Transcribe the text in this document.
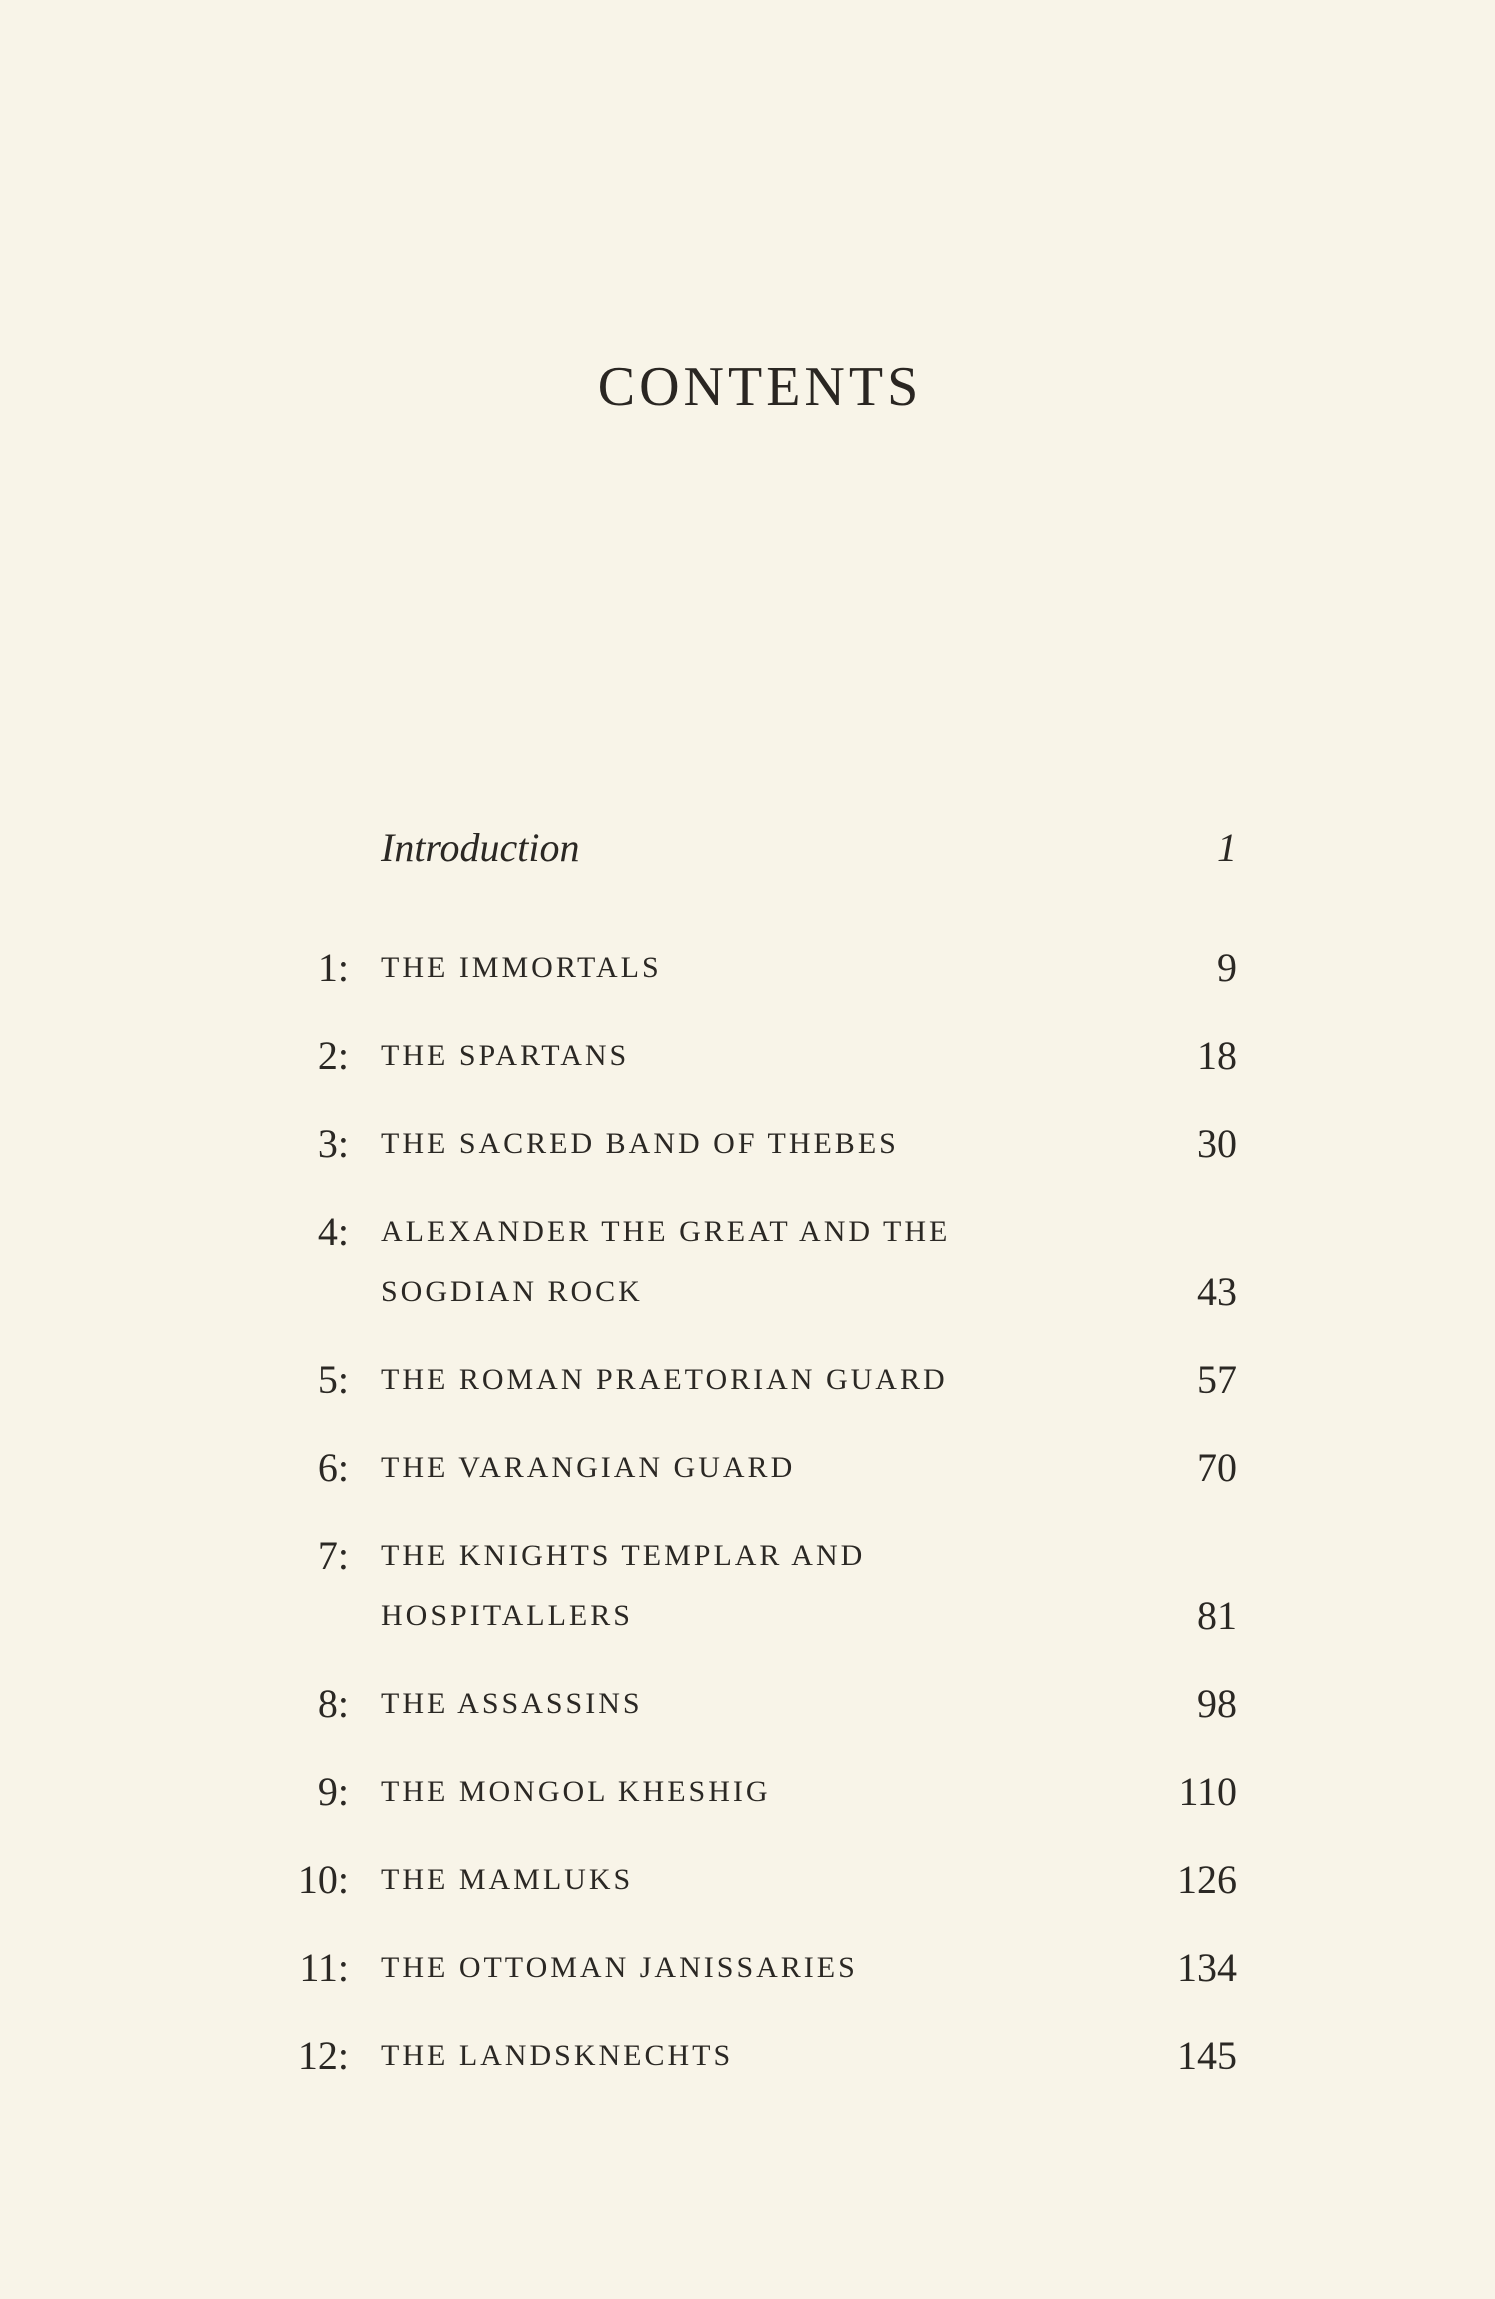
CONTENTS
Introduction	1
1: THE IMMORTALS	9
2: THE SPARTANS	18
3: THE SACRED BAND OF THEBES	30
4: ALEXANDER THE GREAT AND THE
SOGDIAN ROCK	43
5: THE ROMAN PRAETORIAN GUARD	57
6: THE VARANGIAN GUARD	70
7: THE KNIGHTS TEMPLAR AND
HOSPITALLERS	81
8: THE ASSASSINS	98
9: THE MONGOL KHESHIG	110
10: THE MAMLUKS	126
11: THE OTTOMAN JANISSARIES	134
12: THE LANDSKNECHTS	145
